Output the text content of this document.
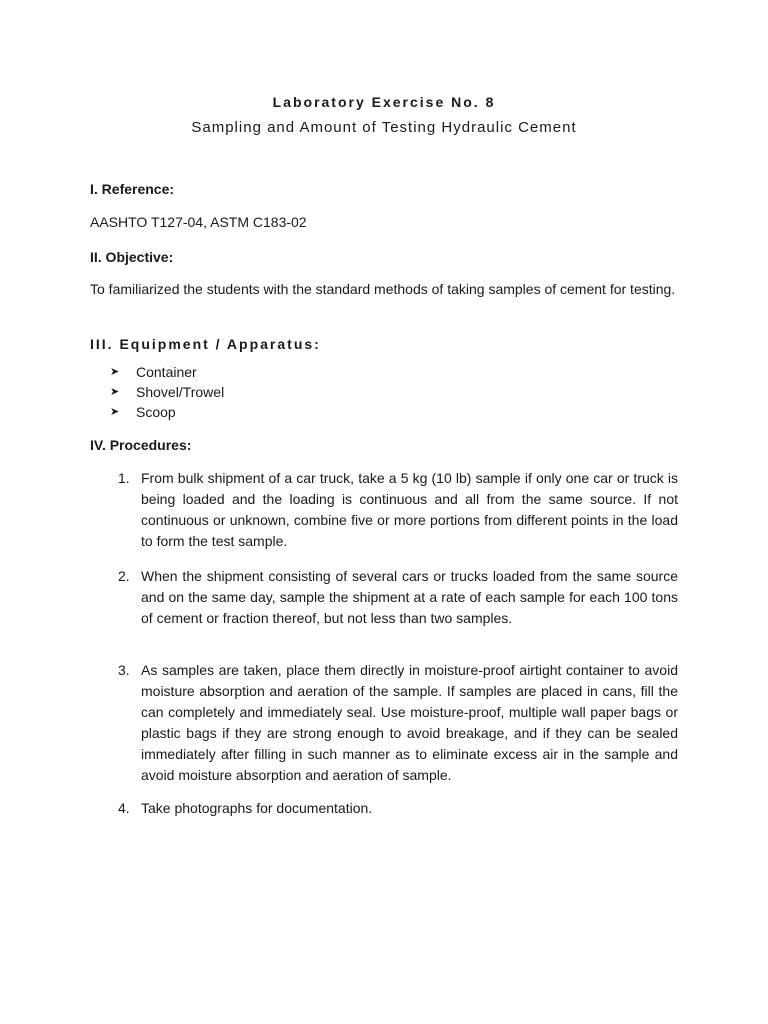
Laboratory Exercise No. 8
Sampling and Amount of Testing Hydraulic Cement
I. Reference:
AASHTO T127-04, ASTM C183-02
II. Objective:
To familiarized the students with the standard methods of taking samples of cement for testing.
III. Equipment / Apparatus:
➤	Container
➤	Shovel/Trowel
➤	Scoop
IV. Procedures:
1. From bulk shipment of a car truck, take a 5 kg (10 lb) sample if only one car or truck is being loaded and the loading is continuous and all from the same source. If not continuous or unknown, combine five or more portions from different points in the load to form the test sample.
2. When the shipment consisting of several cars or trucks loaded from the same source and on the same day, sample the shipment at a rate of each sample for each 100 tons of cement or fraction thereof, but not less than two samples.
3. As samples are taken, place them directly in moisture-proof airtight container to avoid moisture absorption and aeration of the sample. If samples are placed in cans, fill the can completely and immediately seal. Use moisture-proof, multiple wall paper bags or plastic bags if they are strong enough to avoid breakage, and if they can be sealed immediately after filling in such manner as to eliminate excess air in the sample and avoid moisture absorption and aeration of sample.
4. Take photographs for documentation.
